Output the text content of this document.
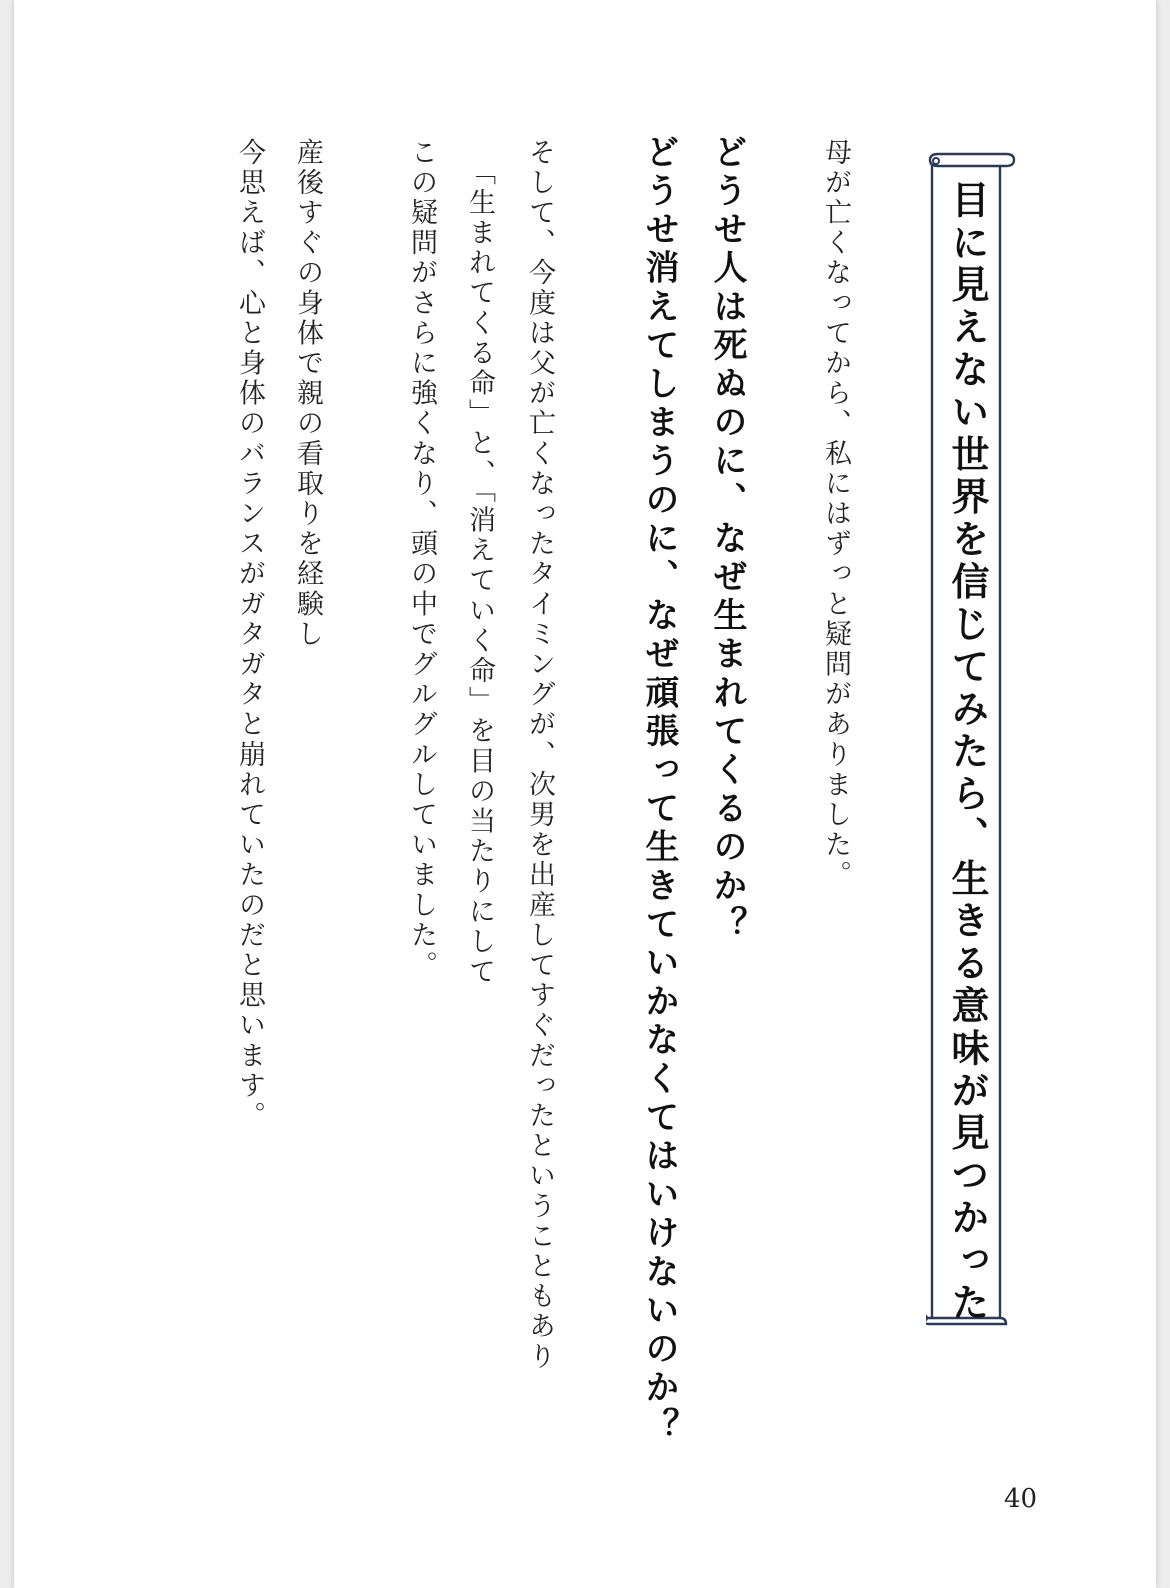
目に見えない世界を信じてみたら、生きる意味が見つかった
母が亡くなってから、私にはずっと疑問がありました。
どうせ人は死ぬのに、なぜ生まれてくるのか？
どうせ消えてしまうのに、なぜ頑張って生きていかなくてはいけないのか？
そして、今度は父が亡くなったタイミングが、次男を出産してすぐだったということもあり
「生まれてくる命」と、「消えていく命」を目の当たりにして
この疑問がさらに強くなり、頭の中でグルグルしていました。
産後すぐの身体で親の看取りを経験し
今思えば、心と身体のバランスがガタガタと崩れていたのだと思います。
40
